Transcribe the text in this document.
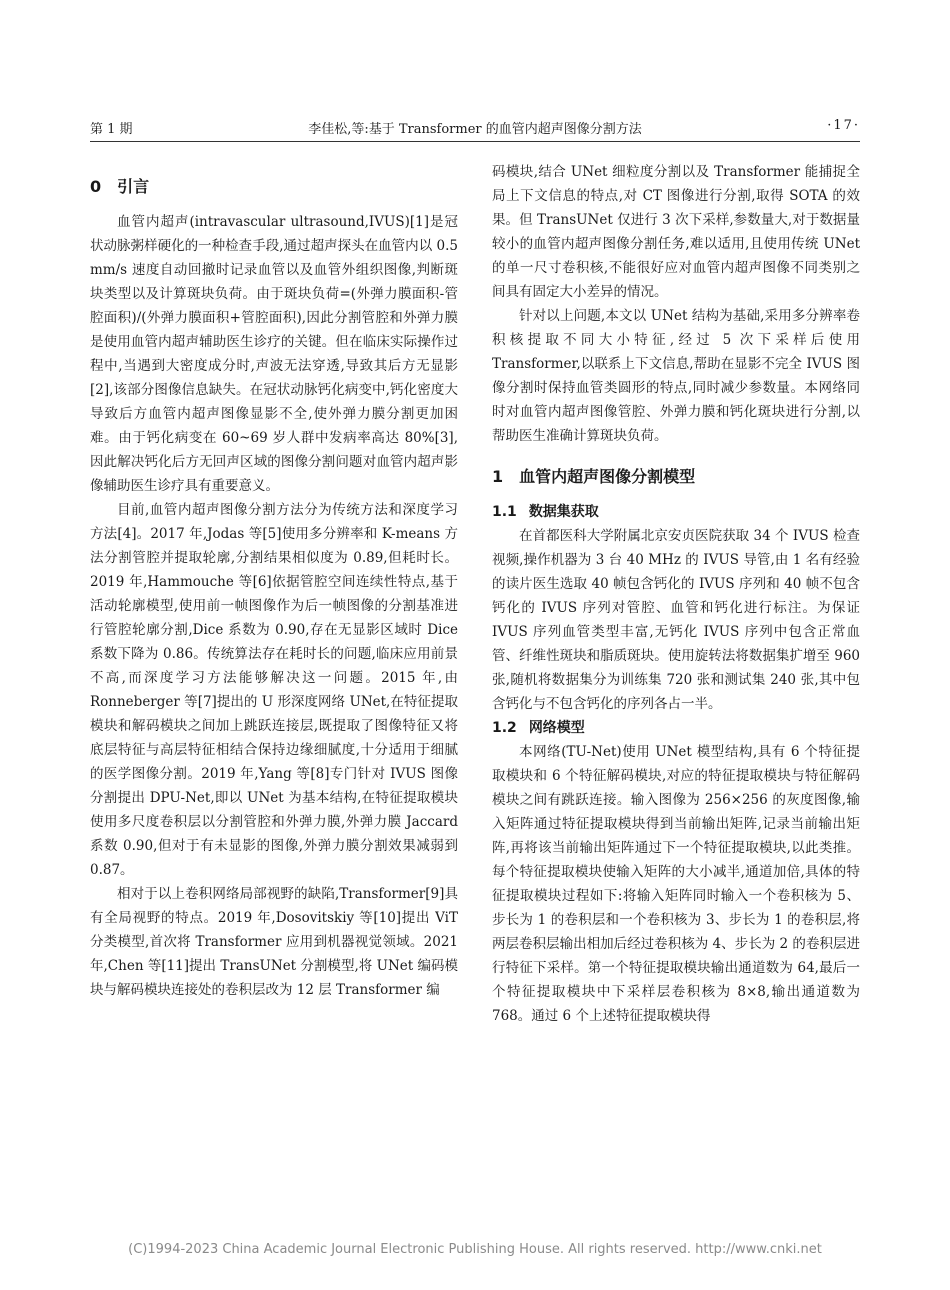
第 1 期	李佳松,等:基于 Transformer 的血管内超声图像分割方法	·17·
0 引言

血管内超声(intravascular ultrasound,IVUS)[1]是冠状动脉粥样硬化的一种检查手段,通过超声探头在血管内以 0.5 mm/s 速度自动回撤时记录血管以及血管外组织图像,判断斑块类型以及计算斑块负荷。由于斑块负荷=(外弹力膜面积-管腔面积)/(外弹力膜面积+管腔面积),因此分割管腔和外弹力膜是使用血管内超声辅助医生诊疗的关键。但在临床实际操作过程中,当遇到大密度成分时,声波无法穿透,导致其后方无显影[2],该部分图像信息缺失。在冠状动脉钙化病变中,钙化密度大导致后方血管内超声图像显影不全,使外弹力膜分割更加困难。由于钙化病变在 60~69 岁人群中发病率高达 80%[3],因此解决钙化后方无回声区域的图像分割问题对血管内超声影像辅助医生诊疗具有重要意义。

目前,血管内超声图像分割方法分为传统方法和深度学习方法[4]。2017 年,Jodas 等[5]使用多分辨率和 K-means 方法分割管腔并提取轮廓,分割结果相似度为 0.89,但耗时长。2019 年,Hammouche 等[6]依据管腔空间连续性特点,基于活动轮廓模型,使用前一帧图像作为后一帧图像的分割基准进行管腔轮廓分割,Dice 系数为 0.90,存在无显影区域时 Dice 系数下降为 0.86。传统算法存在耗时长的问题,临床应用前景不高,而深度学习方法能够解决这一问题。2015 年,由 Ronneberger 等[7]提出的 U 形深度网络 UNet,在特征提取模块和解码模块之间加上跳跃连接层,既提取了图像特征又将底层特征与高层特征相结合保持边缘细腻度,十分适用于细腻的医学图像分割。2019 年,Yang 等[8]专门针对 IVUS 图像分割提出 DPU-Net,即以 UNet 为基本结构,在特征提取模块使用多尺度卷积层以分割管腔和外弹力膜,外弹力膜 Jaccard 系数 0.90,但对于有未显影的图像,外弹力膜分割效果减弱到 0.87。

相对于以上卷积网络局部视野的缺陷,Transformer[9]具有全局视野的特点。2019 年,Dosovitskiy 等[10]提出 ViT 分类模型,首次将 Transformer 应用到机器视觉领域。2021 年,Chen 等[11]提出 TransUNet 分割模型,将 UNet 编码模块与解码模块连接处的卷积层改为 12 层 Transformer 编

码模块,结合 UNet 细粒度分割以及 Transformer 能捕捉全局上下文信息的特点,对 CT 图像进行分割,取得 SOTA 的效果。但 TransUNet 仅进行 3 次下采样,参数量大,对于数据量较小的血管内超声图像分割任务,难以适用,且使用传统 UNet 的单一尺寸卷积核,不能很好应对血管内超声图像不同类别之间具有固定大小差异的情况。

针对以上问题,本文以 UNet 结构为基础,采用多分辨率卷积核提取不同大小特征,经过 5 次下采样后使用 Transformer,以联系上下文信息,帮助在显影不完全 IVUS 图像分割时保持血管类圆形的特点,同时减少参数量。本网络同时对血管内超声图像管腔、外弹力膜和钙化斑块进行分割,以帮助医生准确计算斑块负荷。

1 血管内超声图像分割模型
1.1 数据集获取

在首都医科大学附属北京安贞医院获取 34 个 IVUS 检查视频,操作机器为 3 台 40 MHz 的 IVUS 导管,由 1 名有经验的读片医生选取 40 帧包含钙化的 IVUS 序列和 40 帧不包含钙化的 IVUS 序列对管腔、血管和钙化进行标注。为保证 IVUS 序列血管类型丰富,无钙化 IVUS 序列中包含正常血管、纤维性斑块和脂质斑块。使用旋转法将数据集扩增至 960 张,随机将数据集分为训练集 720 张和测试集 240 张,其中包含钙化与不包含钙化的序列各占一半。

1.2 网络模型

本网络(TU-Net)使用 UNet 模型结构,具有 6 个特征提取模块和 6 个特征解码模块,对应的特征提取模块与特征解码模块之间有跳跃连接。输入图像为 256×256 的灰度图像,输入矩阵通过特征提取模块得到当前输出矩阵,记录当前输出矩阵,再将该当前输出矩阵通过下一个特征提取模块,以此类推。每个特征提取模块使输入矩阵的大小减半,通道加倍,具体的特征提取模块过程如下:将输入矩阵同时输入一个卷积核为 5、步长为 1 的卷积层和一个卷积核为 3、步长为 1 的卷积层,将两层卷积层输出相加后经过卷积核为 4、步长为 2 的卷积层进行特征下采样。第一个特征提取模块输出通道数为 64,最后一个特征提取模块中下采样层卷积核为 8×8,输出通道数为 768。通过 6 个上述特征提取模块得

(C)1994-2023 China Academic Journal Electronic Publishing House. All rights reserved. http://www.cnki.net
